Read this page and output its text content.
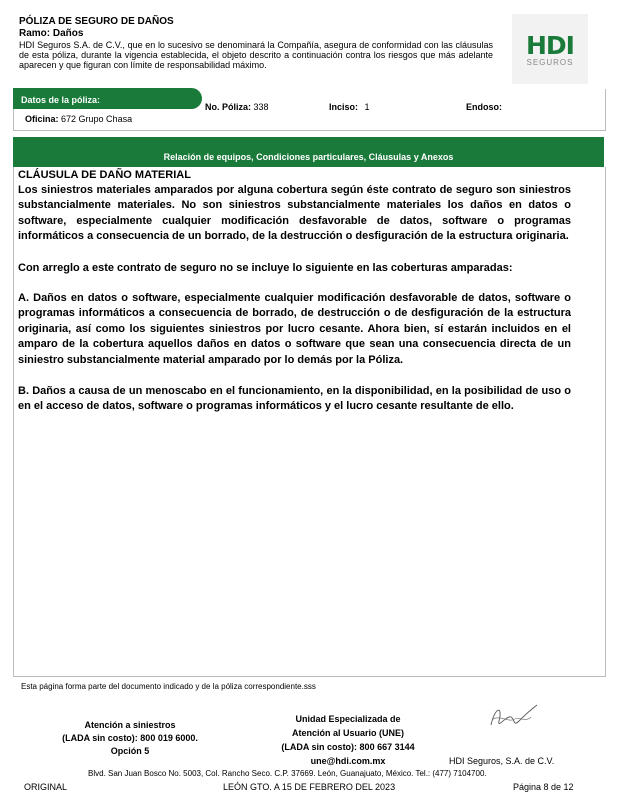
PÓLIZA DE SEGURO DE DAÑOS
Ramo: Daños
HDI Seguros S.A. de C.V., que en lo sucesivo se denominará la Compañía, asegura de conformidad con las cláusulas de esta póliza, durante la vigencia establecida, el objeto descrito a continuación contra los riesgos que más adelante aparecen y que figuran con límite de responsabilidad máximo.
HDI
SEGUROS
Datos de la póliza:
No. Póliza: 338	Inciso: 1	Endoso:
Oficina: 672 Grupo Chasa
Relación de equipos, Condiciones particulares, Cláusulas y Anexos
CLÁUSULA DE DAÑO MATERIAL
Los siniestros materiales amparados por alguna cobertura según éste contrato de seguro son siniestros substancialmente materiales. No son siniestros substancialmente materiales los daños en datos o software, especialmente cualquier modificación desfavorable de datos, software o programas informáticos a consecuencia de un borrado, de la destrucción o desfiguración de la estructura originaria.
Con arreglo a este contrato de seguro no se incluye lo siguiente en las coberturas amparadas:
A. Daños en datos o software, especialmente cualquier modificación desfavorable de datos, software o programas informáticos a consecuencia de borrado, de destrucción o de desfiguración de la estructura originaria, así como los siguientes siniestros por lucro cesante. Ahora bien, sí estarán incluidos en el amparo de la cobertura aquellos daños en datos o software que sean una consecuencia directa de un siniestro substancialmente material amparado por lo demás por la Póliza.
B. Daños a causa de un menoscabo en el funcionamiento, en la disponibilidad, en la posibilidad de uso o en el acceso de datos, software o programas informáticos y el lucro cesante resultante de ello.
Esta página forma parte del documento indicado y de la póliza correspondiente.sss
Atención a siniestros
(LADA sin costo): 800 019 6000.
Opción 5
Unidad Especializada de
Atención al Usuario (UNE)
(LADA sin costo): 800 667 3144
une@hdi.com.mx	HDI Seguros, S.A. de C.V.
Blvd. San Juan Bosco No. 5003, Col. Rancho Seco. C.P. 37669. León, Guanajuato, México. Tel.: (477) 7104700.
ORIGINAL	LEÓN GTO. A 15 DE FEBRERO DEL 2023	Página 8 de 12
